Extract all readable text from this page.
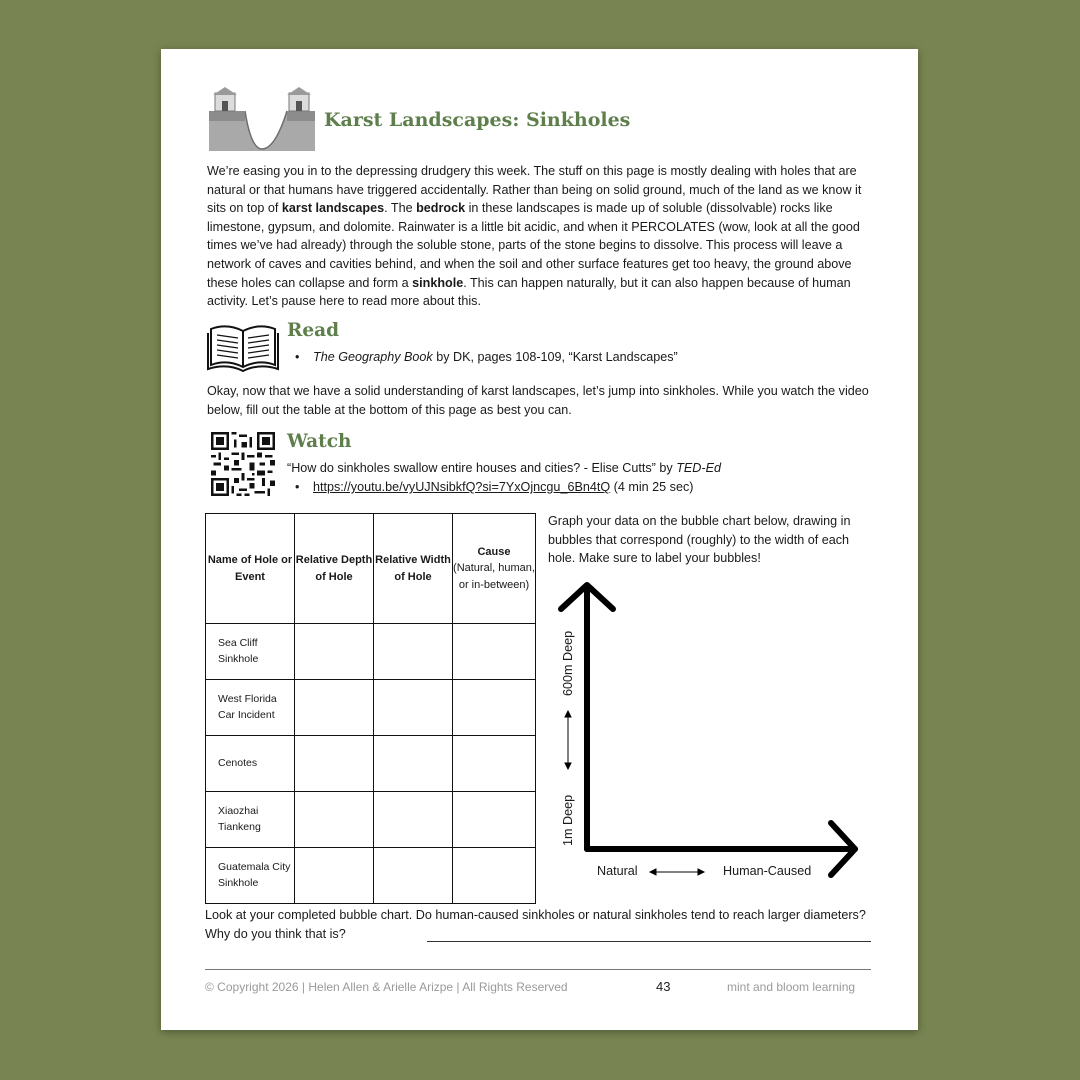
Karst Landscapes: Sinkholes
We’re easing you in to the depressing drudgery this week. The stuff on this page is mostly dealing with holes that are natural or that humans have triggered accidentally. Rather than being on solid ground, much of the land as we know it sits on top of karst landscapes. The bedrock in these landscapes is made up of soluble (dissolvable) rocks like limestone, gypsum, and dolomite. Rainwater is a little bit acidic, and when it PERCOLATES (wow, look at all the good times we’ve had already) through the soluble stone, parts of the stone begins to dissolve. This process will leave a network of caves and cavities behind, and when the soil and other surface features get too heavy, the ground above these holes can collapse and form a sinkhole. This can happen naturally, but it can also happen because of human activity. Let’s pause here to read more about this.
Read
• The Geography Book by DK, pages 108-109, “Karst Landscapes”
Okay, now that we have a solid understanding of karst landscapes, let’s jump into sinkholes. While you watch the video below, fill out the table at the bottom of this page as best you can.
Watch
“How do sinkholes swallow entire houses and cities? - Elise Cutts” by TED-Ed
• https://youtu.be/vyUJNsibkfQ?si=7YxOjncgu_6Bn4tQ (4 min 25 sec)
Name of Hole or Event	Relative Depth of Hole	Relative Width of Hole	Cause
(Natural, human, or in-between)
Sea Cliff Sinkhole			
West Florida Car Incident			
Cenotes			
Xiaozhai Tiankeng			
Guatemala City Sinkhole			
Graph your data on the bubble chart below, drawing in bubbles that correspond (roughly) to the width of each hole. Make sure to label your bubbles!
600m Deep
1m Deep
Natural	Human-Caused
Look at your completed bubble chart. Do human-caused sinkholes or natural sinkholes tend to reach larger diameters? Why do you think that is?
© Copyright 2026 | Helen Allen & Arielle Arizpe | All Rights Reserved	43	mint and bloom learning
